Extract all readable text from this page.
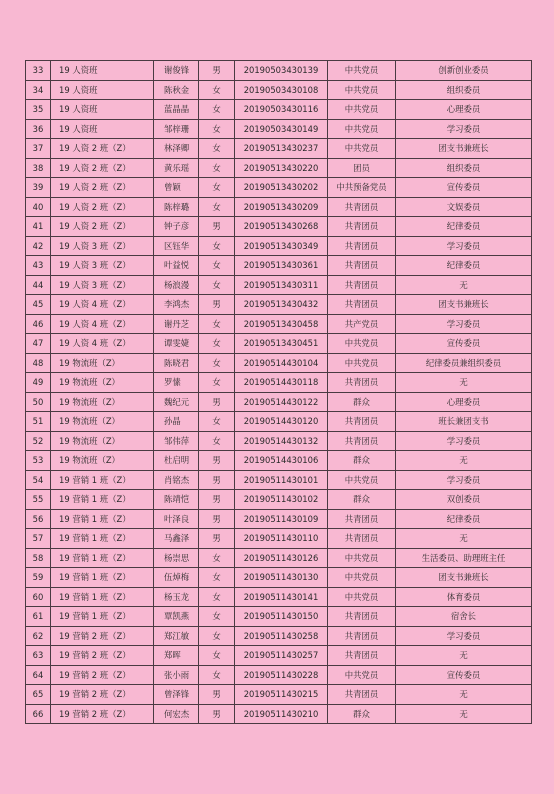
33	19 人资班	谢俊锋	男	20190503430139	中共党员	创新创业委员
34	19 人资班	陈秋金	女	20190503430108	中共党员	组织委员
35	19 人资班	蓝晶晶	女	20190503430116	中共党员	心理委员
36	19 人资班	邹梓珊	女	20190503430149	中共党员	学习委员
37	19 人资 2 班（Z）	林泽卿	女	20190513430237	中共党员	团支书兼班长
38	19 人资 2 班（Z）	黄乐瑶	女	20190513430220	团员	组织委员
39	19 人资 2 班（Z）	曾颖	女	20190513430202	中共预备党员	宣传委员
40	19 人资 2 班（Z）	陈梓璐	女	20190513430209	共青团员	文娱委员
41	19 人资 2 班（Z）	钟子彦	男	20190513430268	共青团员	纪律委员
42	19 人资 3 班（Z）	区钰华	女	20190513430349	共青团员	学习委员
43	19 人资 3 班（Z）	叶益悦	女	20190513430361	共青团员	纪律委员
44	19 人资 3 班（Z）	杨浪漫	女	20190513430311	共青团员	无
45	19 人资 4 班（Z）	李鸿杰	男	20190513430432	共青团员	团支书兼班长
46	19 人资 4 班（Z）	谢丹芝	女	20190513430458	共产党员	学习委员
47	19 人资 4 班（Z）	谭雯婕	女	20190513430451	中共党员	宣传委员
48	19 物流班（Z）	陈晓君	女	20190514430104	中共党员	纪律委员兼组织委员
49	19 物流班（Z）	罗愫	女	20190514430118	共青团员	无
50	19 物流班（Z）	魏纪元	男	20190514430122	群众	心理委员
51	19 物流班（Z）	孙晶	女	20190514430120	共青团员	班长兼团支书
52	19 物流班（Z）	邹伟萍	女	20190514430132	共青团员	学习委员
53	19 物流班（Z）	杜启明	男	20190514430106	群众	无
54	19 营销 1 班（Z）	肖铭杰	男	20190511430101	中共党员	学习委员
55	19 营销 1 班（Z）	陈靖恺	男	20190511430102	群众	双创委员
56	19 营销 1 班（Z）	叶泽良	男	20190511430109	共青团员	纪律委员
57	19 营销 1 班（Z）	马鑫泽	男	20190511430110	共青团员	无
58	19 营销 1 班（Z）	杨崇思	女	20190511430126	中共党员	生活委员、助理班主任
59	19 营销 1 班（Z）	伍焯梅	女	20190511430130	中共党员	团支书兼班长
60	19 营销 1 班（Z）	杨玉龙	女	20190511430141	中共党员	体育委员
61	19 营销 1 班（Z）	覃凯燕	女	20190511430150	共青团员	宿舍长
62	19 营销 2 班（Z）	郑江敏	女	20190511430258	共青团员	学习委员
63	19 营销 2 班（Z）	郑晖	女	20190511430257	共青团员	无
64	19 营销 2 班（Z）	张小雨	女	20190511430228	中共党员	宣传委员
65	19 营销 2 班（Z）	曾泽锋	男	20190511430215	共青团员	无
66	19 营销 2 班（Z）	何宏杰	男	20190511430210	群众	无
